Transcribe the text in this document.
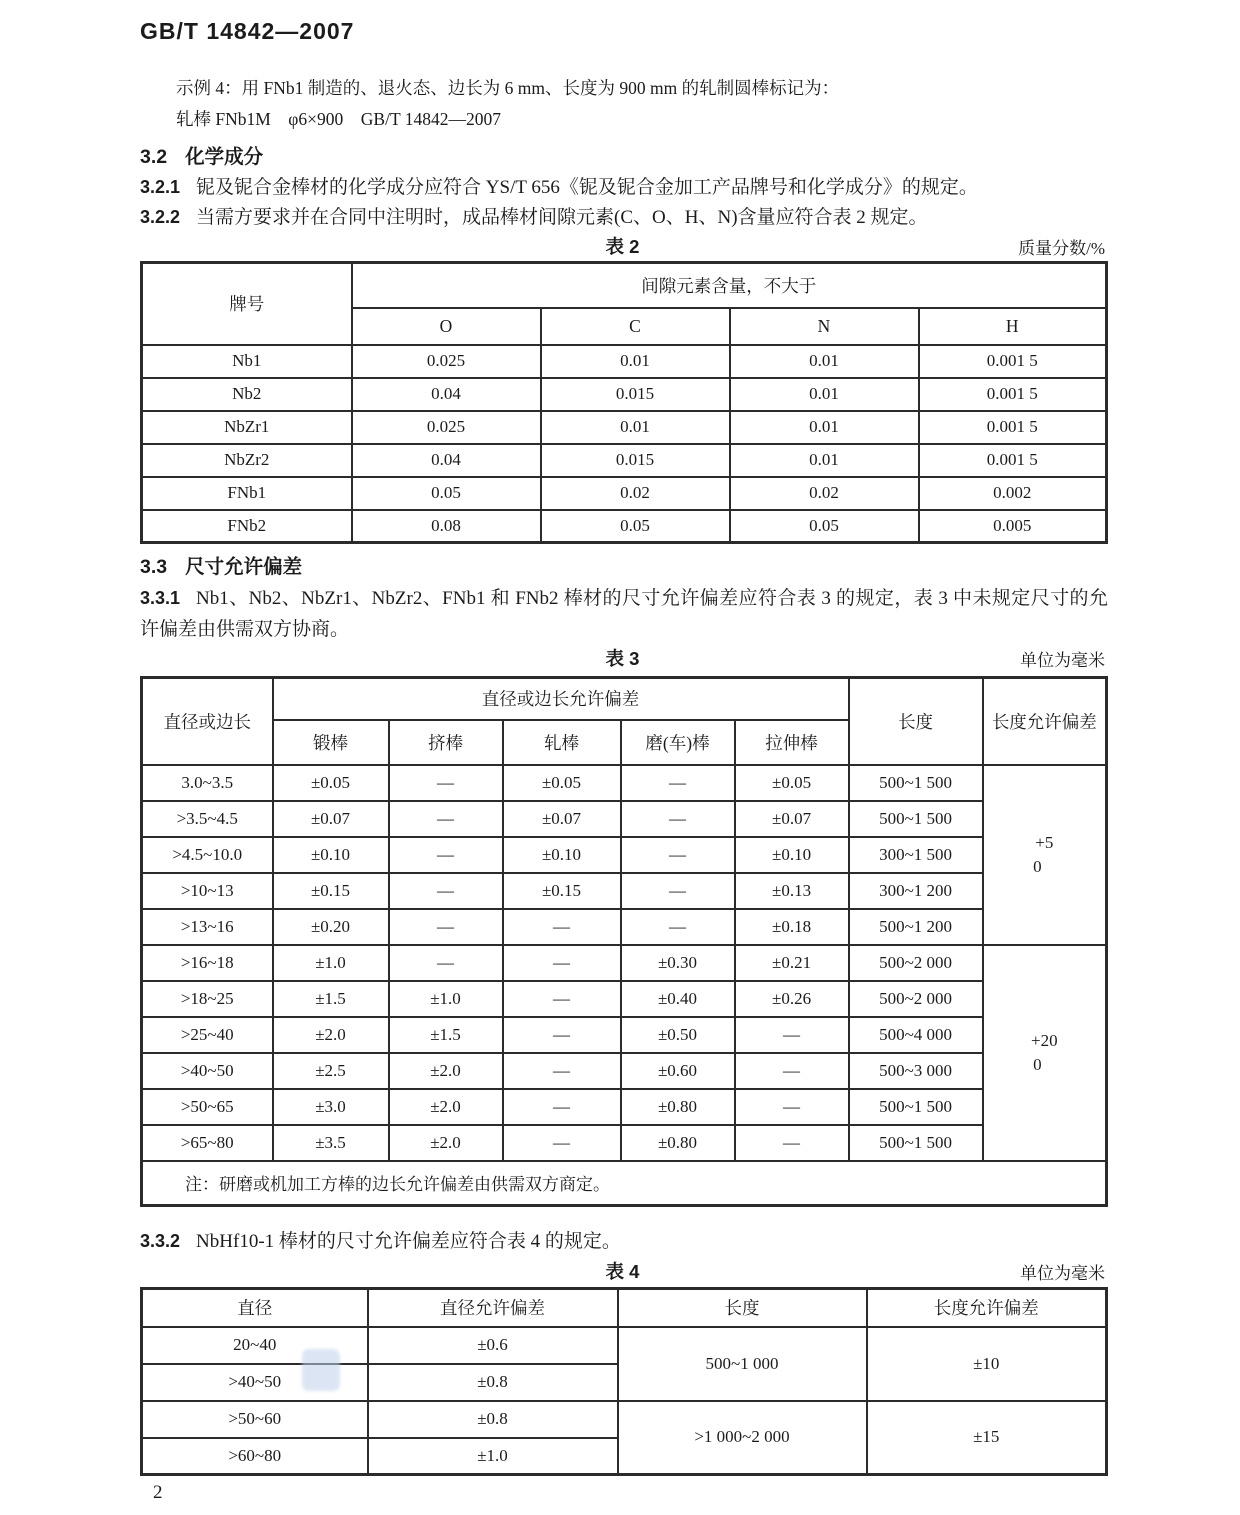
GB/T 14842—2007
示例 4：用 FNb1 制造的、退火态、边长为 6 mm、长度为 900 mm 的轧制圆棒标记为：
轧棒 FNb1M　φ6×900　GB/T 14842—2007
3.2 化学成分
3.2.1 铌及铌合金棒材的化学成分应符合 YS/T 656《铌及铌合金加工产品牌号和化学成分》的规定。
3.2.2 当需方要求并在合同中注明时，成品棒材间隙元素(C、O、H、N)含量应符合表 2 规定。
表 2	质量分数/%
牌号	间隙元素含量，不大于			
	O	C	N	H
Nb1	0.025	0.01	0.01	0.001 5
Nb2	0.04	0.015	0.01	0.001 5
NbZr1	0.025	0.01	0.01	0.001 5
NbZr2	0.04	0.015	0.01	0.001 5
FNb1	0.05	0.02	0.02	0.002
FNb2	0.08	0.05	0.05	0.005
3.3 尺寸允许偏差
3.3.1 Nb1、Nb2、NbZr1、NbZr2、FNb1 和 FNb2 棒材的尺寸允许偏差应符合表 3 的规定，表 3 中未规定尺寸的允许偏差由供需双方协商。
表 3	单位为毫米
直径或边长	直径或边长允许偏差					长度	长度允许偏差
	锻棒	挤棒	轧棒	磨(车)棒	拉伸棒		
3.0~3.5	±0.05	—	±0.05	—	±0.05	500~1 500	+5
0

>3.5~4.5	±0.07	—	±0.07	—	±0.07	500~1 500	
>4.5~10.0	±0.10	—	±0.10	—	±0.10	300~1 500	
>10~13	±0.15	—	±0.15	—	±0.13	300~1 200	
>13~16	±0.20	—	—	—	±0.18	500~1 200	
>16~18	±1.0	—	—	±0.30	±0.21	500~2 000	+20
0

>18~25	±1.5	±1.0	—	±0.40	±0.26	500~2 000	
>25~40	±2.0	±1.5	—	±0.50	—	500~4 000	
>40~50	±2.5	±2.0	—	±0.60	—	500~3 000	
>50~65	±3.0	±2.0	—	±0.80	—	500~1 500	
>65~80	±3.5	±2.0	—	±0.80	—	500~1 500	
注：研磨或机加工方棒的边长允许偏差由供需双方商定。							
3.3.2 NbHf10-1 棒材的尺寸允许偏差应符合表 4 的规定。
表 4	单位为毫米
直径	直径允许偏差	长度	长度允许偏差
20~40	±0.6	500~1 000	±10
>40~50	±0.8		
>50~60	±0.8	>1 000~2 000	±15
>60~80	±1.0		
2
